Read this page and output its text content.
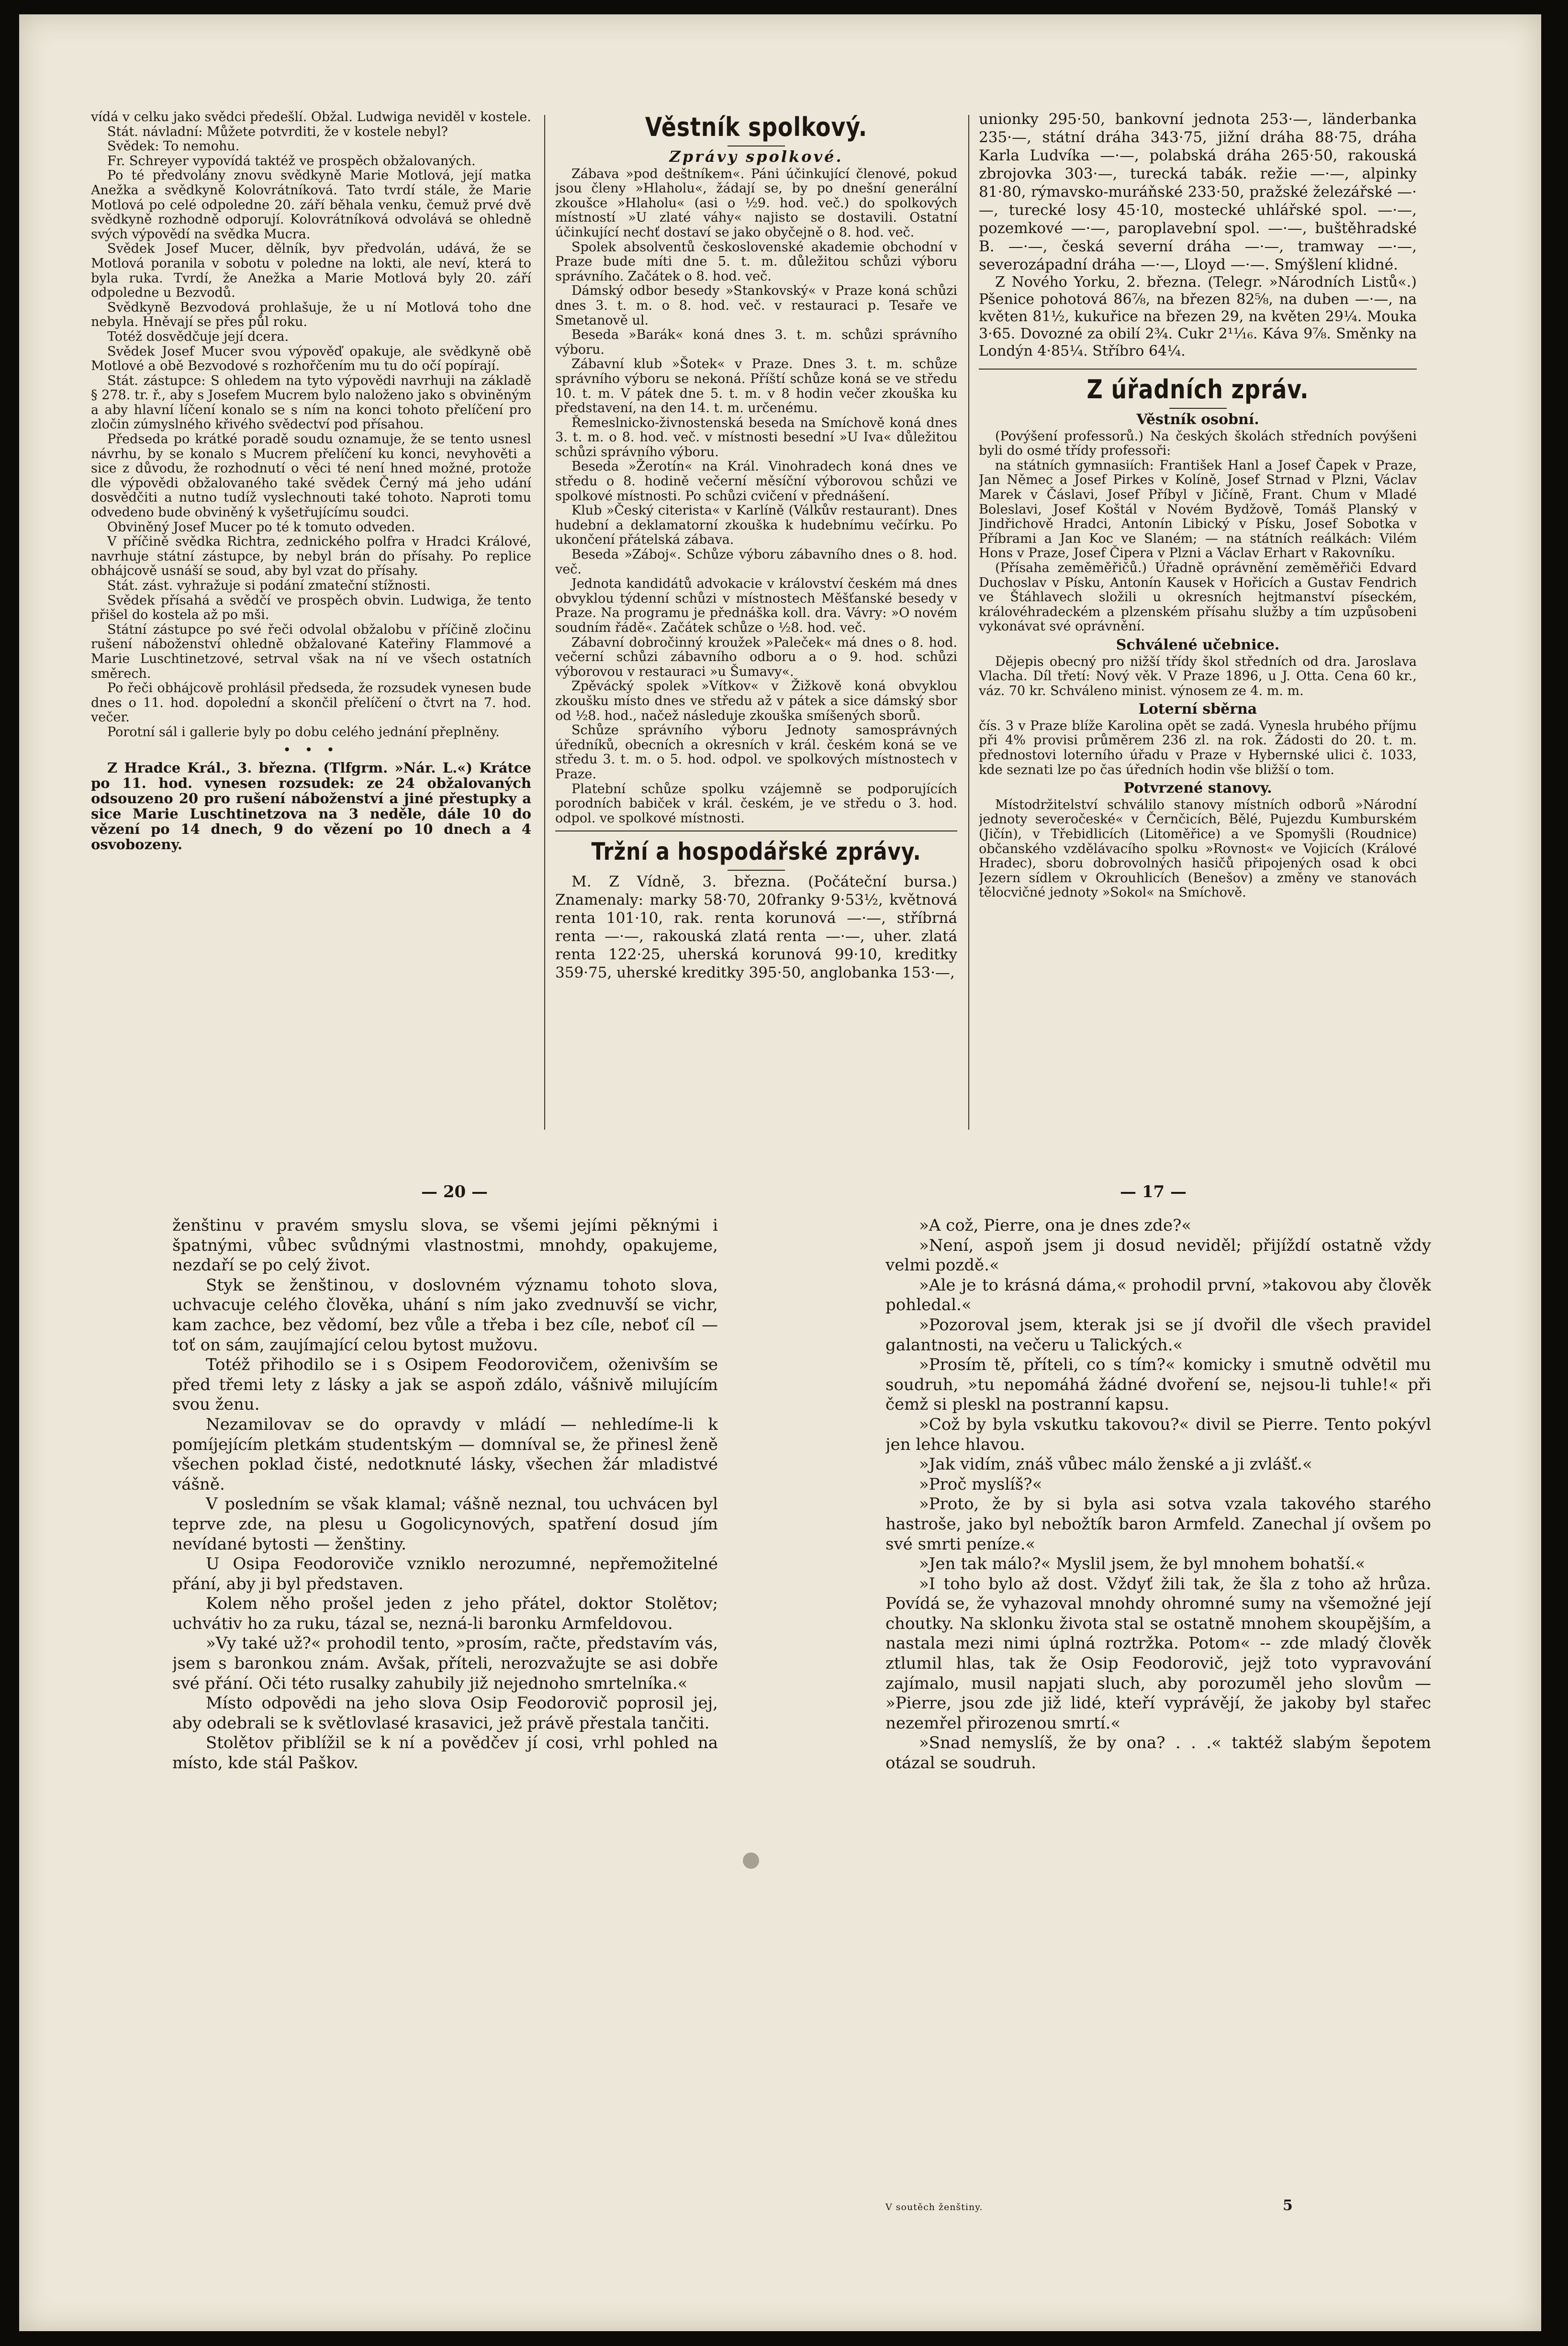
vídá v celku jako svědci předešlí. Obžal. Ludwiga neviděl v kostele.

Stát. návladní: Můžete potvrditi, že v kostele nebyl?

Svědek: To nemohu.

Fr. Schreyer vypovídá taktéž ve prospěch obžalovaných.

Po té předvolány znovu svědkyně Marie Motlová, její matka Anežka a svědkyně Kolovrátníková. Tato tvrdí stále, že Marie Motlová po celé odpoledne 20. září běhala venku, čemuž prvé dvě svědkyně rozhodně odporují. Kolovrátníková odvolává se ohledně svých výpovědí na svědka Mucra.

Svědek Josef Mucer, dělník, byv předvolán, udává, že se Motlová poranila v sobotu v poledne na lokti, ale neví, která to byla ruka. Tvrdí, že Anežka a Marie Motlová byly 20. září odpoledne u Bezvodů.

Svědkyně Bezvodová prohlašuje, že u ní Motlová toho dne nebyla. Hněvají se přes půl roku.

Totéž dosvědčuje její dcera.

Svědek Josef Mucer svou výpověď opakuje, ale svědkyně obě Motlové a obě Bezvodové s rozhořčením mu tu do očí popírají.

Stát. zástupce: S ohledem na tyto výpovědi navrhuji na základě § 278. tr. ř., aby s Josefem Mucrem bylo naloženo jako s obviněným a aby hlavní líčení konalo se s ním na konci tohoto přelíčení pro zločin zúmyslného křivého svědectví pod přísahou.

Předseda po krátké poradě soudu oznamuje, že se tento usnesl návrhu, by se konalo s Mucrem přelíčení ku konci, nevyhověti a sice z důvodu, že rozhodnutí o věci té není hned možné, protože dle výpovědi obžalovaného také svědek Černý má jeho udání dosvědčiti a nutno tudíž vyslechnouti také tohoto. Naproti tomu odvedeno bude obviněný k vyšetřujícímu soudci.

Obviněný Josef Mucer po té k tomuto odveden.

V příčině svědka Richtra, zednického polfra v Hradci Králové, navrhuje státní zástupce, by nebyl brán do přísahy. Po replice obhájcově usnáší se soud, aby byl vzat do přísahy.

Stát. zást. vyhražuje si podání zmateční stížnosti.

Svědek přísahá a svědčí ve prospěch obvin. Ludwiga, že tento přišel do kostela až po mši.

Státní zástupce po své řeči odvolal obžalobu v příčině zločinu rušení náboženství ohledně obžalované Kateřiny Flammové a Marie Luschtinetzové, setrval však na ní ve všech ostatních směrech.

Po řeči obhájcově prohlásil předseda, že rozsudek vynesen bude dnes o 11. hod. dopolední a skončil přelíčení o čtvrt na 7. hod. večer.

Porotní sál i gallerie byly po dobu celého jednání přeplněny.

• • •

Z Hradce Král., 3. března. (Tlfgrm. »Nár. L.«) Krátce po 11. hod. vynesen rozsudek: ze 24 obžalovaných odsouzeno 20 pro rušení náboženství a jiné přestupky a sice Marie Luschtinetzova na 3 neděle, dále 10 do vězení po 14 dnech, 9 do vězení po 10 dnech a 4 osvobozeny.

Věstník spolkový.
Zprávy spolkové.

Zábava »pod deštníkem«. Páni účinkující členové, pokud jsou členy »Hlaholu«, žádají se, by po dnešní generální zkoušce »Hlaholu« (asi o ½9. hod. več.) do spolkových místností »U zlaté váhy« najisto se dostavili. Ostatní účinkující nechť dostaví se jako obyčejně o 8. hod. več.

Spolek absolventů československé akademie obchodní v Praze bude míti dne 5. t. m. důležitou schůzi výboru správního. Začátek o 8. hod. več.

Dámský odbor besedy »Stankovský« v Praze koná schůzi dnes 3. t. m. o 8. hod. več. v restauraci p. Tesaře ve Smetanově ul.

Beseda »Barák« koná dnes 3. t. m. schůzi správního výboru.

Zábavní klub »Šotek« v Praze. Dnes 3. t. m. schůze správního výboru se nekoná. Příští schůze koná se ve středu 10. t. m. V pátek dne 5. t. m. v 8 hodin večer zkouška ku představení, na den 14. t. m. určenému.

Řemeslnicko-živnostenská beseda na Smíchově koná dnes 3. t. m. o 8. hod. več. v místnosti besední »U Iva« důležitou schůzi správního výboru.

Beseda »Žerotín« na Král. Vinohradech koná dnes ve středu o 8. hodině večerní měsíční výborovou schůzi ve spolkové místnosti. Po schůzi cvičení v přednášení.

Klub »Český citerista« v Karlíně (Válkův restaurant). Dnes hudební a deklamatorní zkouška k hudebnímu večírku. Po ukončení přátelská zábava.

Beseda »Záboj«. Schůze výboru zábavního dnes o 8. hod. več.

Jednota kandidátů advokacie v království českém má dnes obvyklou týdenní schůzi v místnostech Měšťanské besedy v Praze. Na programu je přednáška koll. dra. Vávry: »O novém soudním řádě«. Začátek schůze o ½8. hod. več.

Zábavní dobročinný kroužek »Paleček« má dnes o 8. hod. večerní schůzi zábavního odboru a o 9. hod. schůzi výborovou v restauraci »u Šumavy«.

Zpěvácký spolek »Vítkov« v Žižkově koná obvyklou zkoušku místo dnes ve středu až v pátek a sice dámský sbor od ½8. hod., načež následuje zkouška smíšených sborů.

Schůze správního výboru Jednoty samosprávných úředníků, obecních a okresních v král. českém koná se ve středu 3. t. m. o 5. hod. odpol. ve spolkových místnostech v Praze.

Platební schůze spolku vzájemně se podporujících porodních babiček v král. českém, je ve středu o 3. hod. odpol. ve spolkové místnosti.

Tržní a hospodářské zprávy.

M. Z Vídně, 3. března. (Počáteční bursa.) Znamenaly: marky 58·70, 20franky 9·53½, květnová renta 101·10, rak. renta korunová —·—, stříbrná renta —·—, rakouská zlatá renta —·—, uher. zlatá renta 122·25, uherská korunová 99·10, kreditky 359·75, uherské kreditky 395·50, anglobanka 153·—,

unionky 295·50, bankovní jednota 253·—, länderbanka 235·—, státní dráha 343·75, jižní dráha 88·75, dráha Karla Ludvíka —·—, polabská dráha 265·50, rakouská zbrojovka 303·—, turecká tabák. režie —·—, alpinky 81·80, rýmavsko-muráňské 233·50, pražské železářské —·—, turecké losy 45·10, mostecké uhlářské spol. —·—, pozemkové —·—, paroplavební spol. —·—, buštěhradské B. —·—, česká severní dráha —·—, tramway —·—, severozápadní dráha —·—, Lloyd —·—. Smýšlení klidné.

Z Nového Yorku, 2. března. (Telegr. »Národních Listů«.) Pšenice pohotová 86⅞, na březen 82⅝, na duben —·—, na květen 81½, kukuřice na březen 29, na květen 29¼. Mouka 3·65. Dovozné za obilí 2¾. Cukr 2¹¹⁄₁₆. Káva 9⅞. Směnky na Londýn 4·85¼. Stříbro 64¼.

Z úřadních zpráv.
Věstník osobní.

(Povýšení professorů.) Na českých školách středních povýšeni byli do osmé třídy professoři:

na státních gymnasiích: František Hanl a Josef Čapek v Praze, Jan Němec a Josef Pirkes v Kolíně, Josef Strnad v Plzni, Václav Marek v Čáslavi, Josef Příbyl v Jičíně, Frant. Chum v Mladé Boleslavi, Josef Koštál v Novém Bydžově, Tomáš Planský v Jindřichově Hradci, Antonín Libický v Písku, Josef Sobotka v Příbrami a Jan Koc ve Slaném; — na státních reálkách: Vilém Hons v Praze, Josef Čipera v Plzni a Václav Erhart v Rakovníku.

(Přísaha zeměměřičů.) Úřadně oprávnění zeměměřiči Edvard Duchoslav v Písku, Antonín Kausek v Hořicích a Gustav Fendrich ve Štáhlavech složili u okresních hejtmanství píseckém, královéhradeckém a plzenském přísahu služby a tím uzpůsobeni vykonávat své oprávnění.

Schválené učebnice.

Dějepis obecný pro nižší třídy škol středních od dra. Jaroslava Vlacha. Díl třetí: Nový věk. V Praze 1896, u J. Otta. Cena 60 kr., váz. 70 kr. Schváleno minist. výnosem ze 4. m. m.

Loterní sběrna

čís. 3 v Praze blíže Karolina opět se zadá. Vynesla hrubého příjmu při 4% provisi průměrem 236 zl. na rok. Žádosti do 20. t. m. přednostovi loterního úřadu v Praze v Hybernské ulici č. 1033, kde seznati lze po čas úředních hodin vše bližší o tom.

Potvrzené stanovy.

Místodržitelství schválilo stanovy místních odborů »Národní jednoty severočeské« v Černčicích, Bělé, Pujezdu Kumburském (Jičín), v Třebidlicích (Litoměřice) a ve Spomyšli (Roudnice) občanského vzdělávacího spolku »Rovnost« ve Vojicích (Králové Hradec), sboru dobrovolných hasičů připojených osad k obci Jezern sídlem v Okrouhlicích (Benešov) a změny ve stanovách tělocvičné jednoty »Sokol« na Smíchově.

— 20 —

ženštinu v pravém smyslu slova, se všemi jejími pěknými i špatnými, vůbec svůdnými vlastnostmi, mnohdy, opakujeme, nezdaří se po celý život.

Styk se ženštinou, v doslovném významu tohoto slova, uchvacuje celého člověka, uhání s ním jako zvednuvší se vichr, kam zachce, bez vědomí, bez vůle a třeba i bez cíle, neboť cíl — toť on sám, zaujímající celou bytost mužovu.

Totéž přihodilo se i s Osipem Feodorovičem, oženivším se před třemi lety z lásky a jak se aspoň zdálo, vášnivě milujícím svou ženu.

Nezamilovav se do opravdy v mládí — nehledíme-li k pomíjejícím pletkám studentským — domníval se, že přinesl ženě všechen poklad čisté, nedotknuté lásky, všechen žár mladistvé vášně.

V posledním se však klamal; vášně neznal, tou uchvácen byl teprve zde, na plesu u Gogolicynových, spatření dosud jím nevídané bytosti — ženštiny.

U Osipa Feodoroviče vzniklo nerozumné, nepřemožitelné přání, aby ji byl představen.

Kolem něho prošel jeden z jeho přátel, doktor Stolětov; uchvátiv ho za ruku, tázal se, nezná-li baronku Armfeldovou.

»Vy také už?« prohodil tento, »prosím, račte, představím vás, jsem s baronkou znám. Avšak, příteli, nerozvažujte se asi dobře své přání. Oči této rusalky zahubily již nejednoho smrtelníka.«

Místo odpovědi na jeho slova Osip Feodorovič poprosil jej, aby odebrali se k světlovlasé krasavici, jež právě přestala tančiti.

Stolětov přiblížil se k ní a povědčev jí cosi, vrhl pohled na místo, kde stál Paškov.

— 17 —

»A což, Pierre, ona je dnes zde?«

»Není, aspoň jsem ji dosud neviděl; přijíždí ostatně vždy velmi pozdě.«

»Ale je to krásná dáma,« prohodil první, »takovou aby člověk pohledal.«

»Pozoroval jsem, kterak jsi se jí dvořil dle všech pravidel galantnosti, na večeru u Talických.«

»Prosím tě, příteli, co s tím?« komicky i smutně odvětil mu soudruh, »tu nepomáhá žádné dvoření se, nejsou-li tuhle!« při čemž si pleskl na postranní kapsu.

»Což by byla vskutku takovou?« divil se Pierre. Tento pokývl jen lehce hlavou.

»Jak vidím, znáš vůbec málo ženské a ji zvlášť.«

»Proč myslíš?«

»Proto, že by si byla asi sotva vzala takového starého hastroše, jako byl nebožtík baron Armfeld. Zanechal jí ovšem po své smrti peníze.«

»Jen tak málo?« Myslil jsem, že byl mnohem bohatší.«

»I toho bylo až dost. Vždyť žili tak, že šla z toho až hrůza. Povídá se, že vyhazoval mnohdy ohromné sumy na všemožné její choutky. Na sklonku života stal se ostatně mnohem skoupějším, a nastala mezi nimi úplná roztržka. Potom« -- zde mladý člověk ztlumil hlas, tak že Osip Feodorovič, jejž toto vypravování zajímalo, musil napjati sluch, aby porozuměl jeho slovům — »Pierre, jsou zde již lidé, kteří vyprávějí, že jakoby byl stařec nezemřel přirozenou smrtí.«

»Snad nemyslíš, že by ona? . . .« taktéž slabým šepotem otázal se soudruh.

V soutěch ženštiny.	5
